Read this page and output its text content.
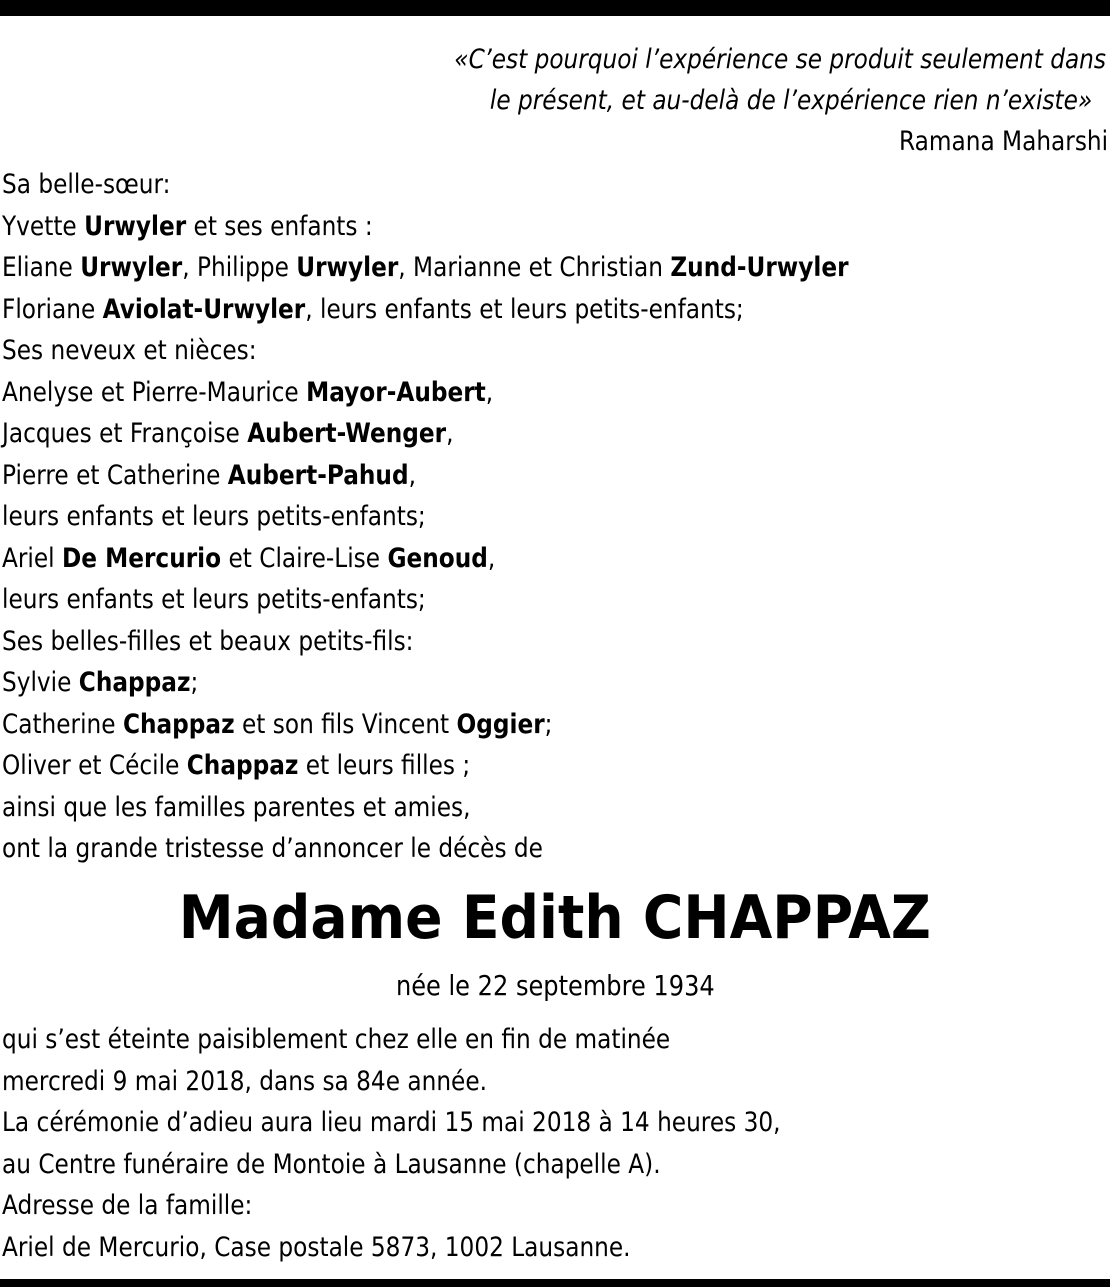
«C’est pourquoi l’expérience se produit seulement dans
le présent, et au-delà de l’expérience rien n’existe»
Ramana Maharshi
Sa belle-sœur:
Yvette Urwyler et ses enfants :
Eliane Urwyler, Philippe Urwyler, Marianne et Christian Zund-Urwyler
Floriane Aviolat-Urwyler, leurs enfants et leurs petits-enfants;
Ses neveux et nièces:
Anelyse et Pierre-Maurice Mayor-Aubert,
Jacques et Françoise Aubert-Wenger,
Pierre et Catherine Aubert-Pahud,
leurs enfants et leurs petits-enfants;
Ariel De Mercurio et Claire-Lise Genoud,
leurs enfants et leurs petits-enfants;
Ses belles-filles et beaux petits-fils:
Sylvie Chappaz;
Catherine Chappaz et son fils Vincent Oggier;
Oliver et Cécile Chappaz et leurs filles ;
ainsi que les familles parentes et amies,
ont la grande tristesse d’annoncer le décès de
Madame Edith CHAPPAZ
née le 22 septembre 1934
qui s’est éteinte paisiblement chez elle en fin de matinée
mercredi 9 mai 2018, dans sa 84e année.
La cérémonie d’adieu aura lieu mardi 15 mai 2018 à 14 heures 30,
au Centre funéraire de Montoie à Lausanne (chapelle A).
Adresse de la famille:
Ariel de Mercurio, Case postale 5873, 1002 Lausanne.
